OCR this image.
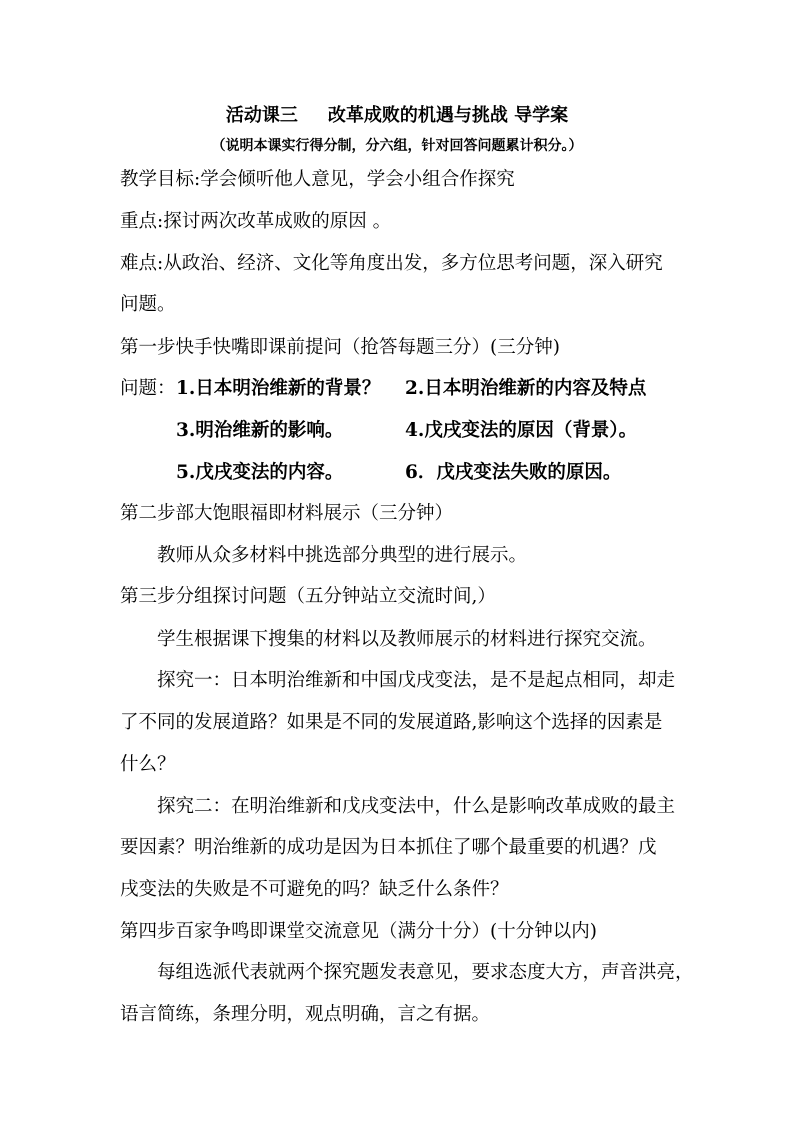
活动课三 改革成败的机遇与挑战 导学案
（说明本课实行得分制，分六组，针对回答问题累计积分。）
教学目标:学会倾听他人意见，学会小组合作探究
重点:探讨两次改革成败的原因 。
难点:从政治、经济、文化等角度出发，多方位思考问题，深入研究
问题。
第一步快手快嘴即课前提问（抢答每题三分）(三分钟)
问题： 1.日本明治维新的背景？ 2.日本明治维新的内容及特点
3.明治维新的影响。	4.戊戌变法的原因（背景）。
5.戊戌变法的内容。	6．戊戌变法失败的原因。
第二步部大饱眼福即材料展示（三分钟）
教师从众多材料中挑选部分典型的进行展示。
第三步分组探讨问题（五分钟站立交流时间,）
学生根据课下搜集的材料以及教师展示的材料进行探究交流。
探究一：日本明治维新和中国戊戌变法，是不是起点相同，却走
了不同的发展道路？如果是不同的发展道路,影响这个选择的因素是
什么？
探究二：在明治维新和戊戌变法中，什么是影响改革成败的最主
要因素？明治维新的成功是因为日本抓住了哪个最重要的机遇？戊
戌变法的失败是不可避免的吗？缺乏什么条件？
第四步百家争鸣即课堂交流意见（满分十分）(十分钟以内)
每组选派代表就两个探究题发表意见，要求态度大方，声音洪亮，
语言简练，条理分明，观点明确，言之有据。
